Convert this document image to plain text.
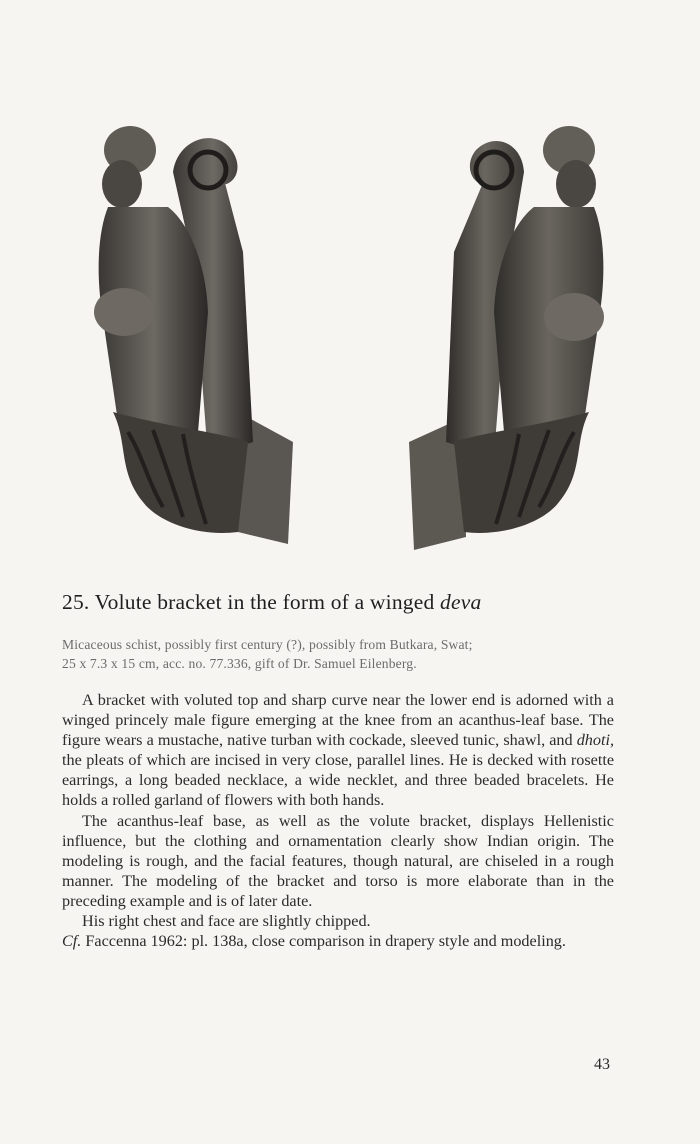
25. Volute bracket in the form of a winged deva
Micaceous schist, possibly first century (?), possibly from Butkara, Swat;
25 x 7.3 x 15 cm, acc. no. 77.336, gift of Dr. Samuel Eilenberg.

A bracket with voluted top and sharp curve near the lower end is adorned with a winged princely male figure emerging at the knee from an acanthus-leaf base. The figure wears a mustache, native turban with cockade, sleeved tunic, shawl, and dhoti, the pleats of which are incised in very close, parallel lines. He is decked with rosette earrings, a long beaded necklace, a wide necklet, and three beaded bracelets. He holds a rolled garland of flowers with both hands.

The acanthus-leaf base, as well as the volute bracket, displays Hellenistic influence, but the clothing and ornamentation clearly show Indian origin. The modeling is rough, and the facial features, though natural, are chiseled in a rough manner. The modeling of the bracket and torso is more elaborate than in the preceding example and is of later date.

His right chest and face are slightly chipped.

Cf. Faccenna 1962: pl. 138a, close comparison in drapery style and modeling.

43
